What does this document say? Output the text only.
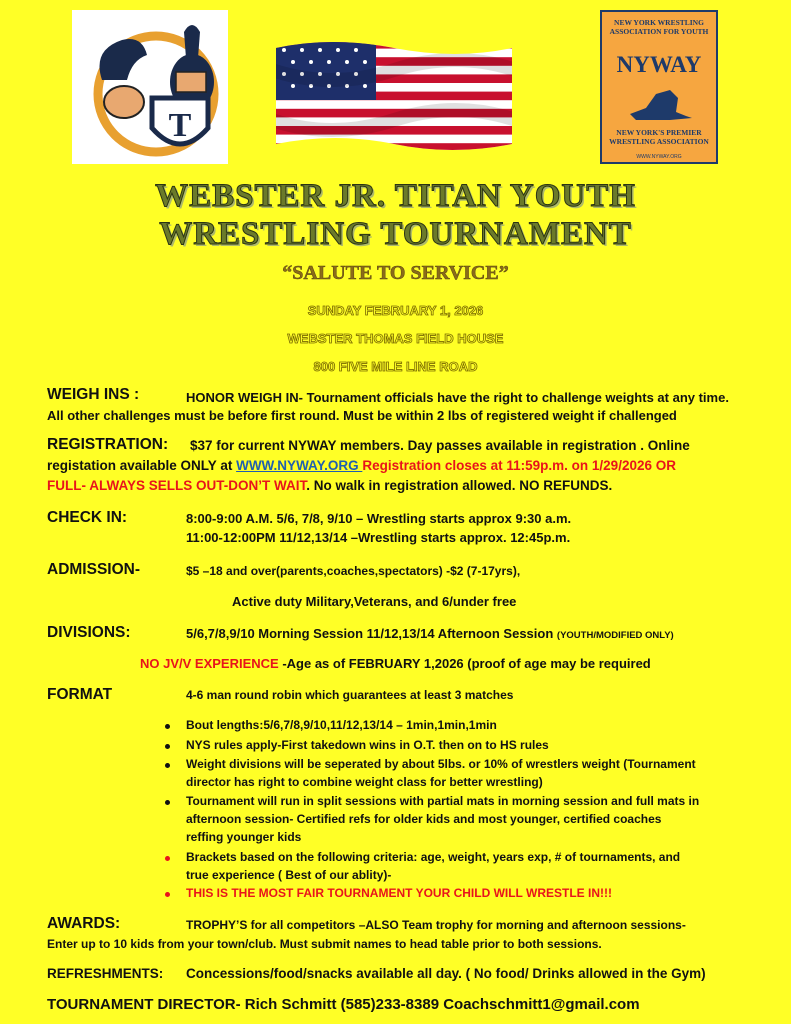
T
NEW YORK WRESTLING ASSOCIATION FOR YOUTH
NYWAY
NEW YORK'S PREMIER WRESTLING ASSOCIATION
WWW.NYWAY.ORG
WEBSTER JR. TITAN YOUTH
WRESTLING TOURNAMENT
“SALUTE TO SERVICE”
SUNDAY FEBRUARY 1, 2026
WEBSTER THOMAS FIELD HOUSE
800 FIVE MILE LINE ROAD
WEIGH INS :	HONOR WEIGH IN- Tournament officials have the right to challenge weights at any time.
All other challenges must be before first round. Must be within 2 lbs of registered weight if challenged
REGISTRATION: $37 for current NYWAY members. Day passes available in registration . Online
registation available ONLY at WWW.NYWAY.ORG Registration closes at 11:59p.m. on 1/29/2026 OR
FULL- ALWAYS SELLS OUT-DON’T WAIT. No walk in registration allowed. NO REFUNDS.
CHECK IN:	8:00-9:00 A.M. 5/6, 7/8, 9/10 – Wrestling starts approx 9:30 a.m.
11:00-12:00PM 11/12,13/14 –Wrestling starts approx. 12:45p.m.
ADMISSION-	$5 –18 and over(parents,coaches,spectators) -$2 (7-17yrs),
Active duty Military,Veterans, and 6/under free
DIVISIONS:	5/6,7/8,9/10 Morning Session 11/12,13/14 Afternoon Session (YOUTH/MODIFIED ONLY)
NO JV/V EXPERIENCE -Age as of FEBRUARY 1,2026 (proof of age may be required
FORMAT	4-6 man round robin which guarantees at least 3 matches
Bout lengths:5/6,7/8,9/10,11/12,13/14 – 1min,1min,1min
NYS rules apply-First takedown wins in O.T. then on to HS rules
Weight divisions will be seperated by about 5lbs. or 10% of wrestlers weight (Tournament
director has right to combine weight class for better wrestling)
Tournament will run in split sessions with partial mats in morning session and full mats in
afternoon session- Certified refs for older kids and most younger, certified coaches
reffing younger kids
Brackets based on the following criteria: age, weight, years exp, # of tournaments, and
true experience ( Best of our ablity)-
THIS IS THE MOST FAIR TOURNAMENT YOUR CHILD WILL WRESTLE IN!!!
AWARDS:	TROPHY’S for all competitors –ALSO Team trophy for morning and afternoon sessions-
Enter up to 10 kids from your town/club. Must submit names to head table prior to both sessions.
REFRESHMENTS: Concessions/food/snacks available all day. ( No food/ Drinks allowed in the Gym)
TOURNAMENT DIRECTOR- Rich Schmitt (585)233-8389 Coachschmitt1@gmail.com
